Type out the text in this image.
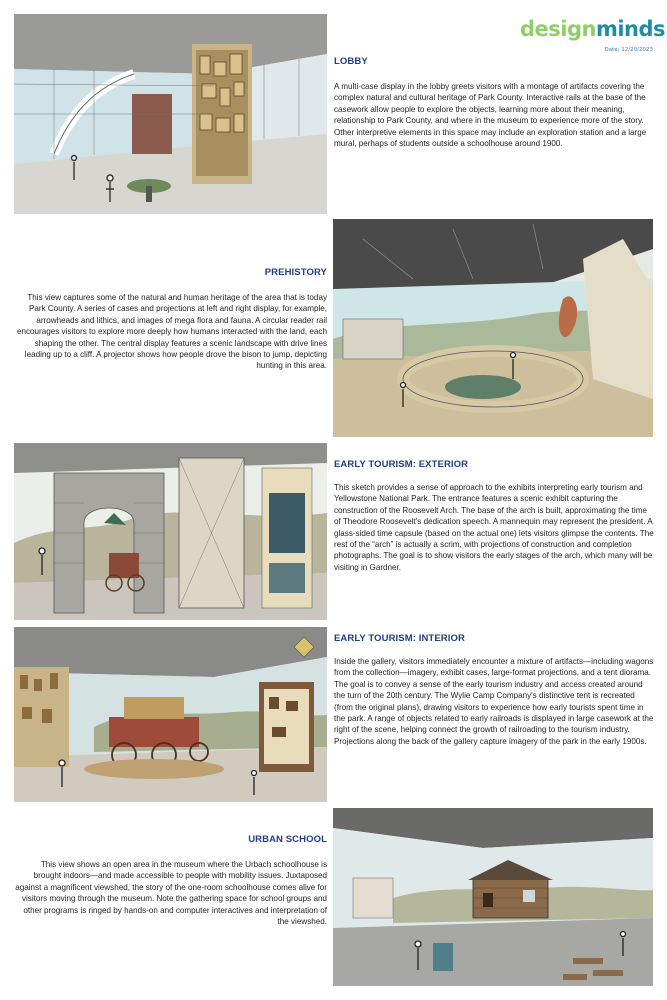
designminds
Date: 12/20/2023
LOBBY
A multi-case display in the lobby greets visitors with a montage of artifacts covering the complex natural and cultural heritage of Park County. Interactive rails at the base of the casework allow people to explore the objects, learning more about their meaning, relationship to Park County, and where in the museum to experience more of the story. Other interpretive elements in this space may include an exploration station and a large mural, perhaps of students outside a schoolhouse around 1900.
PREHISTORY
This view captures some of the natural and human heritage of the area that is today Park County. A series of cases and projections at left and right display, for example, arrowheads and lithics, and images of mega flora and fauna. A circular reader rail encourages visitors to explore more deeply how humans interacted with the land, each shaping the other. The central display features a scenic landscape with drive lines leading up to a cliff. A projector shows how people drove the bison to jump, depicting hunting in this area.
EARLY TOURISM: EXTERIOR
This sketch provides a sense of approach to the exhibits interpreting early tourism and Yellowstone National Park. The entrance features a scenic exhibit capturing the construction of the Roosevelt Arch. The base of the arch is built, approximating the time of Theodore Roosevelt's dedication speech. A mannequin may represent the president. A glass-sided time capsule (based on the actual one) lets visitors glimpse the contents. The rest of the “arch” is actually a scrim, with projections of construction and completion photographs. The goal is to show visitors the early stages of the arch, which many will be visiting in Gardner.
EARLY TOURISM: INTERIOR
Inside the gallery, visitors immediately encounter a mixture of artifacts—including wagons from the collection—imagery, exhibit cases, large-format projections, and a tent diorama. The goal is to convey a sense of the early tourism industry and access created around the turn of the 20th century. The Wylie Camp Company's distinctive tent is recreated (from the original plans), drawing visitors to experience how early tourists spent time in the park. A range of objects related to early railroads is displayed in large casework at the right of the scene, helping connect the growth of railroading to the tourism industry. Projections along the back of the gallery capture imagery of the park in the early 1900s.
URBAN SCHOOL
This view shows an open area in the museum where the Urbach schoolhouse is brought indoors—and made accessible to people with mobility issues. Juxtaposed against a magnificent viewshed, the story of the one-room schoolhouse comes alive for visitors moving through the museum. Note the gathering space for school groups and other programs is ringed by hands-on and computer interactives and interpretation of the viewshed.
